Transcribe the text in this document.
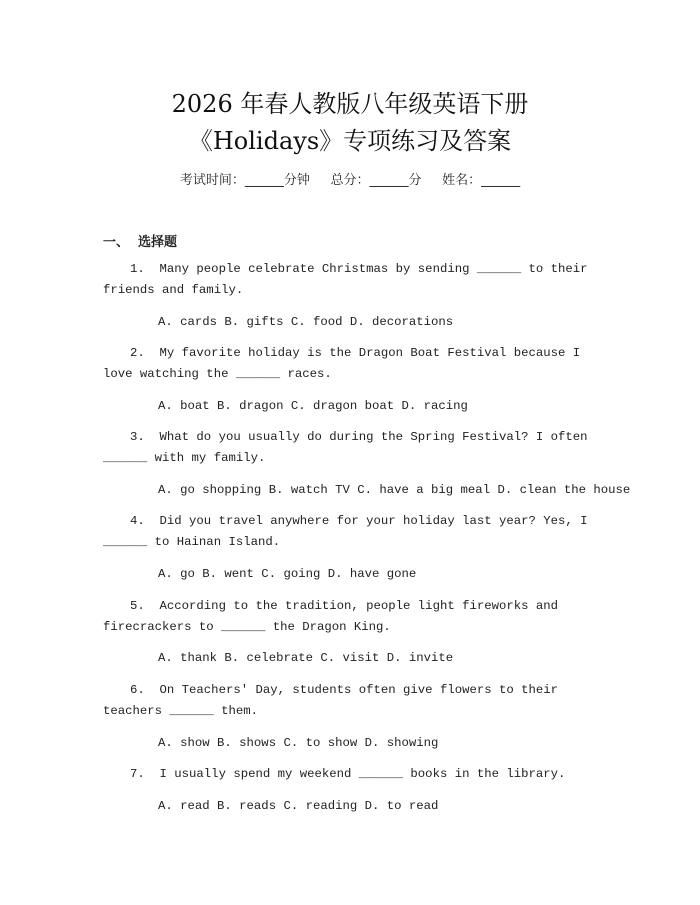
2026 年春人教版八年级英语下册
《Holidays》专项练习及答案
考试时间：______分钟     总分：______分     姓名：______
一、  选择题
1. Many people celebrate Christmas by sending ______ to their friends and family.
A. cards B. gifts C. food D. decorations
2. My favorite holiday is the Dragon Boat Festival because I love watching the ______ races.
A. boat B. dragon C. dragon boat D. racing
3. What do you usually do during the Spring Festival? I often ______ with my family.
A. go shopping B. watch TV C. have a big meal D. clean the house
4. Did you travel anywhere for your holiday last year? Yes, I ______ to Hainan Island.
A. go B. went C. going D. have gone
5. According to the tradition, people light fireworks and firecrackers to ______ the Dragon King.
A. thank B. celebrate C. visit D. invite
6. On Teachers' Day, students often give flowers to their teachers ______ them.
A. show B. shows C. to show D. showing
7. I usually spend my weekend ______ books in the library.
A. read B. reads C. reading D. to read
